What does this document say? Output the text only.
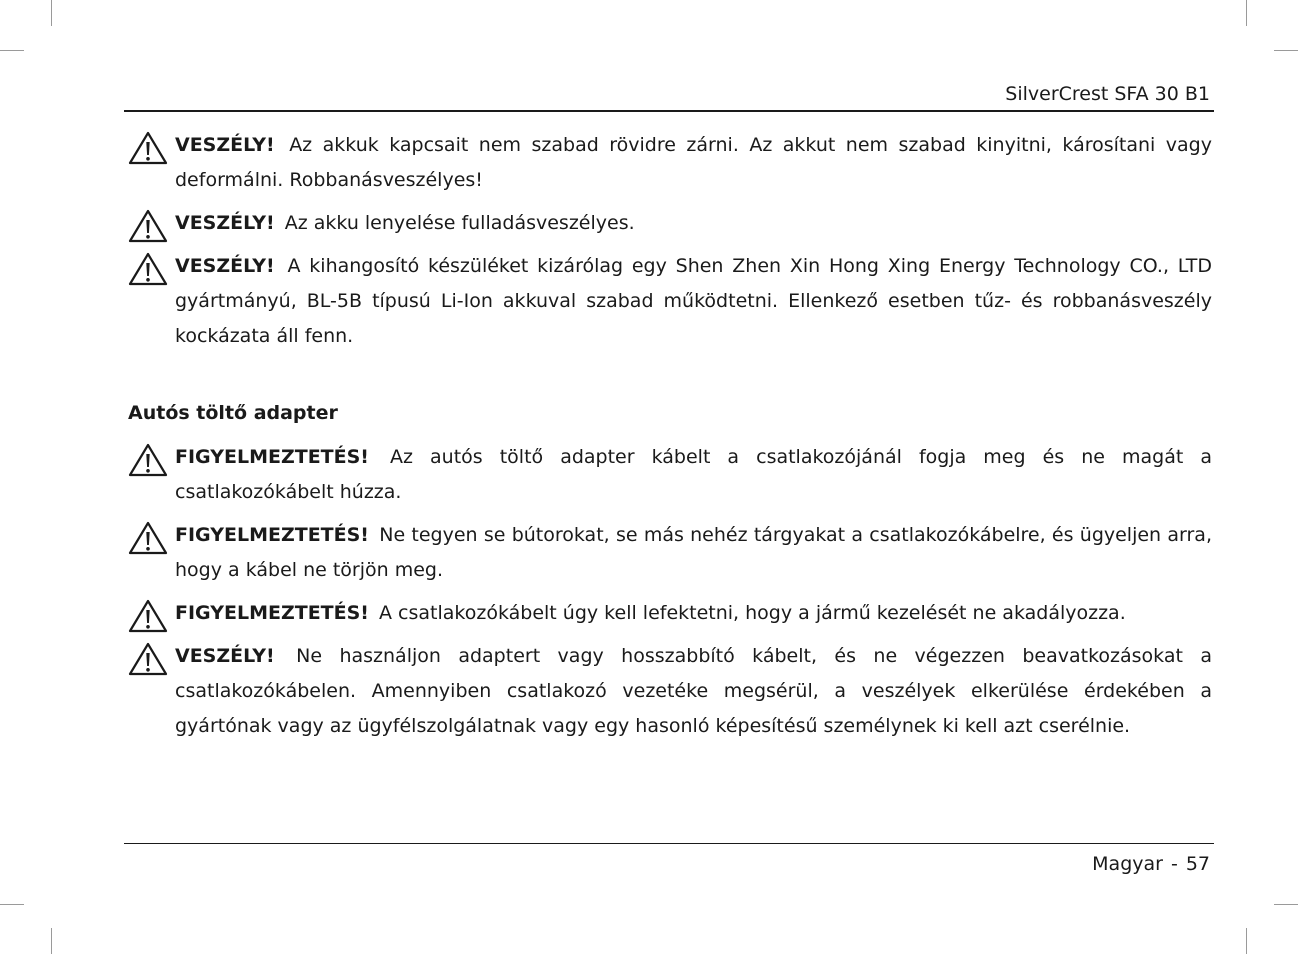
SilverCrest SFA 30 B1

VESZÉLY! Az akkuk kapcsait nem szabad rövidre zárni. Az akkut nem szabad kinyitni, károsítani vagy deformálni. Robbanásveszélyes!

VESZÉLY! Az akku lenyelése fulladásveszélyes.

VESZÉLY! A kihangosító készüléket kizárólag egy Shen Zhen Xin Hong Xing Energy Technology CO., LTD gyártmányú, BL-5B típusú Li-Ion akkuval szabad működtetni. Ellenkező esetben tűz- és robbanásveszély kockázata áll fenn.

Autós töltő adapter

FIGYELMEZTETÉS! Az autós töltő adapter kábelt a csatlakozójánál fogja meg és ne magát a csatlakozókábelt húzza.

FIGYELMEZTETÉS! Ne tegyen se bútorokat, se más nehéz tárgyakat a csatlakozókábelre, és ügyeljen arra, hogy a kábel ne törjön meg.

FIGYELMEZTETÉS! A csatlakozókábelt úgy kell lefektetni, hogy a jármű kezelését ne akadályozza.

VESZÉLY! Ne használjon adaptert vagy hosszabbító kábelt, és ne végezzen beavatkozásokat a csatlakozókábelen. Amennyiben csatlakozó vezetéke megsérül, a veszélyek elkerülése érdekében a gyártónak vagy az ügyfélszolgálatnak vagy egy hasonló képesítésű személynek ki kell azt cserélnie.

Magyar - 57
